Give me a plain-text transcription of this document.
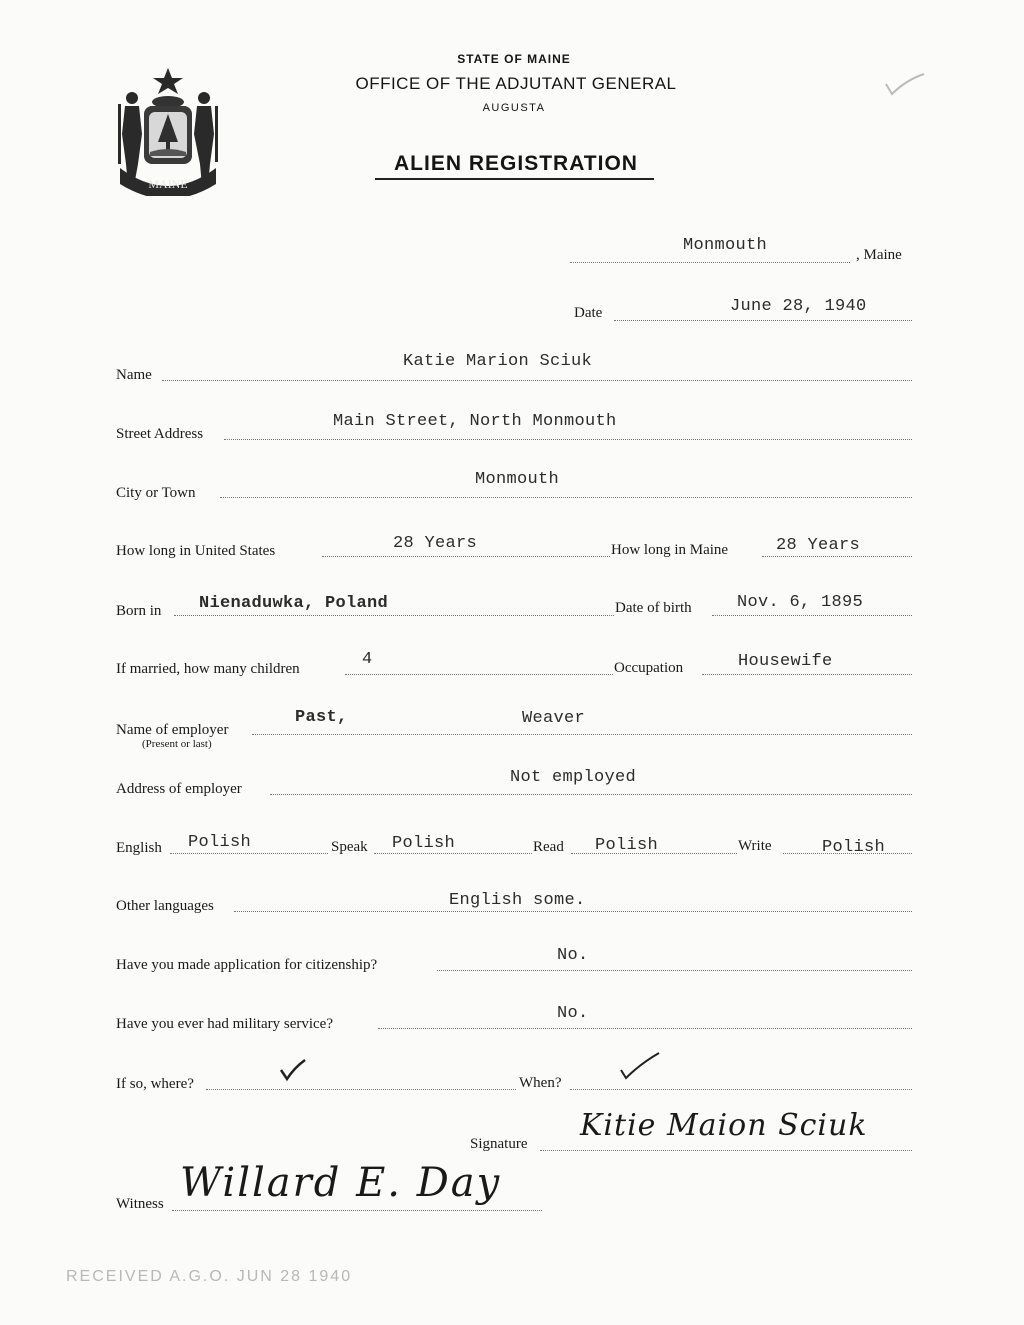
STATE OF MAINE
OFFICE OF THE ADJUTANT GENERAL
AUGUSTA
ALIEN REGISTRATION
MAINE
Monmouth	, Maine
Date	June 28, 1940
Name
Katie Marion Sciuk
Street Address
Main Street, North Monmouth
City or Town
Monmouth
How long in United States	28 Years	How long in Maine	28 Years
Born in Nienaduwka, Poland	Date of birth	Nov. 6, 1895
If married, how many children	4	Occupation	Housewife
Name of employer
(Present or last)
Past,	Weaver
Address of employer
Not employed
English Polish	Speak Polish	Read Polish	Write	Polish
Other languages	English some.
Have you made application for citizenship?	No.
Have you ever had military service?
No.
If so, where?	When?
Signature
Kitie Maion Sciuk
Witness Willard E. Day
RECEIVED A.G.O. JUN 28 1940
